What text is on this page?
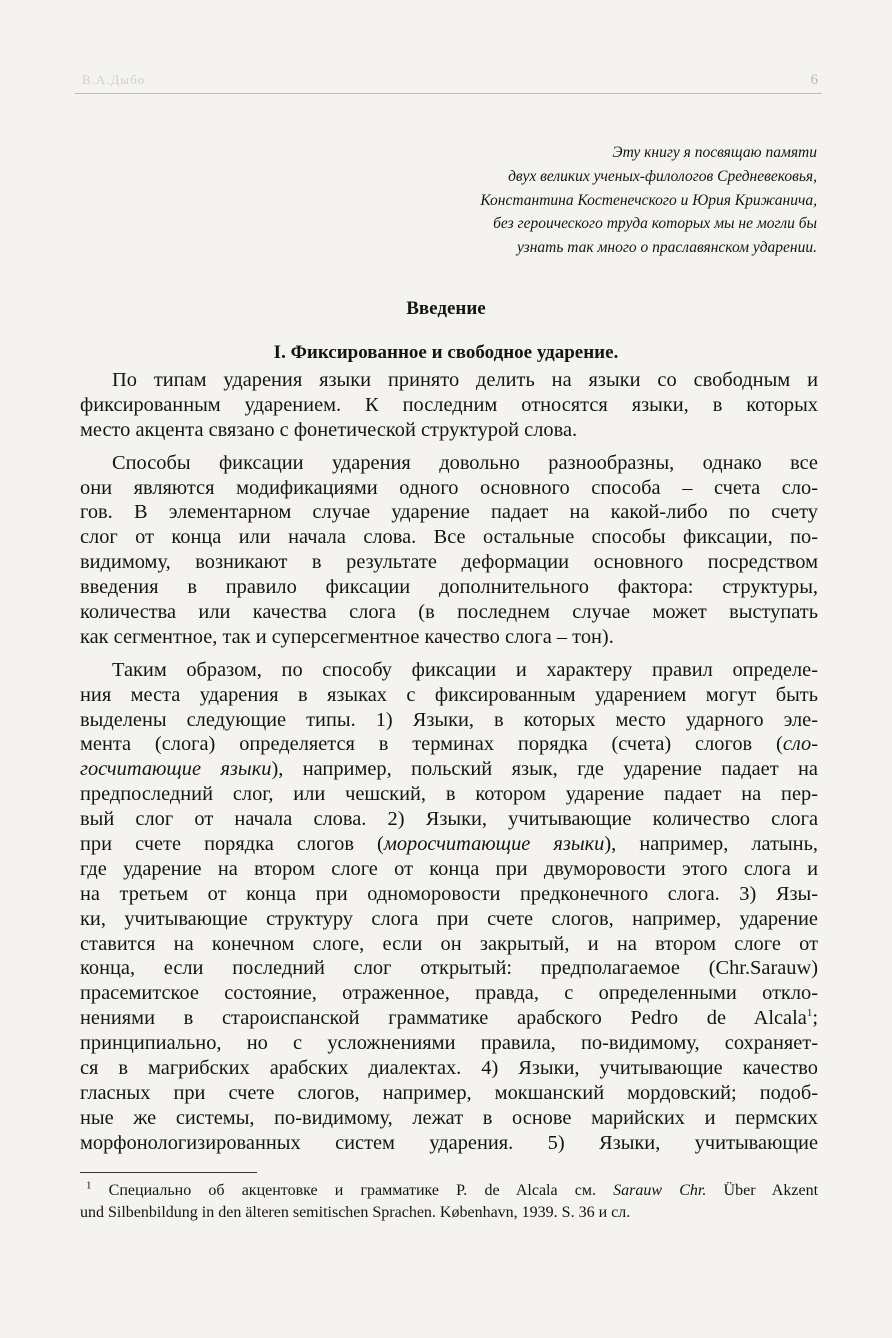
В.А.Дыбо	6
Эту книгу я посвящаю памяти
двух великих ученых-филологов Средневековья,
Константина Костенечского и Юрия Крижанича,
без героического труда которых мы не могли бы
узнать так много о праславянском ударении.
Введение
I. Фиксированное и свободное ударение.
По типам ударения языки принято делить на языки со свободным и
фиксированным ударением. К последним относятся языки, в которых
место акцента связано с фонетической структурой слова.
Способы фиксации ударения довольно разнообразны, однако все
они являются модификациями одного основного способа – счета сло-
гов. В элементарном случае ударение падает на какой-либо по счету
слог от конца или начала слова. Все остальные способы фиксации, по-
видимому, возникают в результате деформации основного посредством
введения в правило фиксации дополнительного фактора: структуры,
количества или качества слога (в последнем случае может выступать
как сегментное, так и суперсегментное качество слога – тон).
Таким образом, по способу фиксации и характеру правил определе-
ния места ударения в языках с фиксированным ударением могут быть
выделены следующие типы. 1) Языки, в которых место ударного эле-
мента (слога) определяется в терминах порядка (счета) слогов (сло-
госчитающие языки), например, польский язык, где ударение падает на
предпоследний слог, или чешский, в котором ударение падает на пер-
вый слог от начала слова. 2) Языки, учитывающие количество слога
при счете порядка слогов (моросчитающие языки), например, латынь,
где ударение на втором слоге от конца при двуморовости этого слога и
на третьем от конца при одноморовости предконечного слога. 3) Язы-
ки, учитывающие структуру слога при счете слогов, например, ударение
ставится на конечном слоге, если он закрытый, и на втором слоге от
конца, если последний слог открытый: предполагаемое (Chr.Sarauw)
прасемитское состояние, отраженное, правда, с определенными откло-
нениями в староиспанской грамматике арабского Pedro de Alcala$^1$;
принципиально, но с усложнениями правила, по-видимому, сохраняет-
ся в магрибских арабских диалектах. 4) Языки, учитывающие качество
гласных при счете слогов, например, мокшанский мордовский; подоб-
ные же системы, по-видимому, лежат в основе марийских и пермских
морфонологизированных систем ударения. 5) Языки, учитывающие
$^1$ Специально об акцентовке и грамматике P. de Alcala см. Sarauw Chr. Über Akzent
und Silbenbildung in den älteren semitischen Sprachen. København, 1939. S. 36 и сл.
